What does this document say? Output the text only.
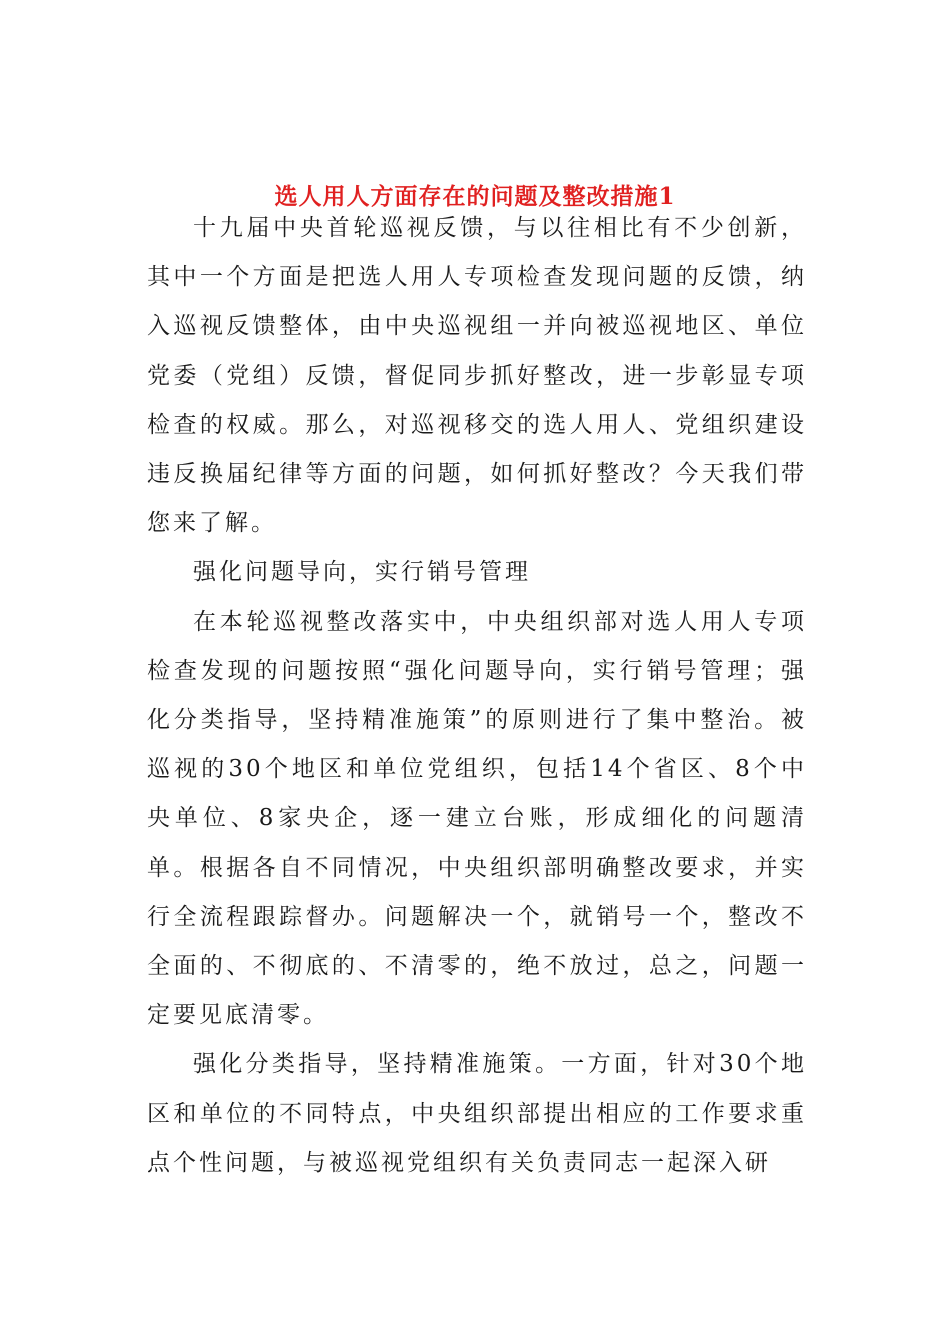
选人用人方面存在的问题及整改措施1

十九届中央首轮巡视反馈，与以往相比有不少创新，其中一个方面是把选人用人专项检查发现问题的反馈，纳入巡视反馈整体，由中央巡视组一并向被巡视地区、单位党委（党组）反馈，督促同步抓好整改，进一步彰显专项检查的权威。那么，对巡视移交的选人用人、党组织建设违反换届纪律等方面的问题，如何抓好整改？今天我们带您来了解。

强化问题导向，实行销号管理

在本轮巡视整改落实中，中央组织部对选人用人专项检查发现的问题按照“强化问题导向，实行销号管理；强化分类指导，坚持精准施策”的原则进行了集中整治。被巡视的30个地区和单位党组织，包括14个省区、8个中央单位、8家央企，逐一建立台账，形成细化的问题清单。根据各自不同情况，中央组织部明确整改要求，并实行全流程跟踪督办。问题解决一个，就销号一个，整改不全面的、不彻底的、不清零的，绝不放过，总之，问题一定要见底清零。

强化分类指导，坚持精准施策。一方面，针对30个地区和单位的不同特点，中央组织部提出相应的工作要求重点个性问题，与被巡视党组织有关负责同志一起深入研
